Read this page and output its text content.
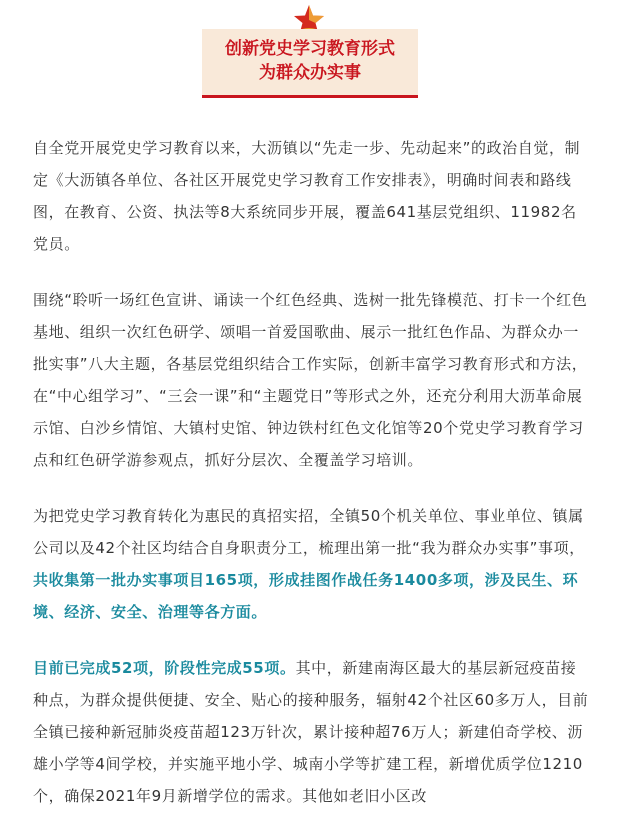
创新党史学习教育形式
为群众办实事

自全党开展党史学习教育以来，大沥镇以“先走一步、先动起来”的政治自觉，制定《大沥镇各单位、各社区开展党史学习教育工作安排表》，明确时间表和路线图，在教育、公资、执法等8大系统同步开展，覆盖641基层党组织、11982名党员。

围绕“聆听一场红色宣讲、诵读一个红色经典、选树一批先锋模范、打卡一个红色基地、组织一次红色研学、颂唱一首爱国歌曲、展示一批红色作品、为群众办一批实事”八大主题，各基层党组织结合工作实际，创新丰富学习教育形式和方法，在“中心组学习”、“三会一课”和“主题党日”等形式之外，还充分利用大沥革命展示馆、白沙乡情馆、大镇村史馆、钟边铁村红色文化馆等20个党史学习教育学习点和红色研学游参观点，抓好分层次、全覆盖学习培训。

为把党史学习教育转化为惠民的真招实招，全镇50个机关单位、事业单位、镇属公司以及42个社区均结合自身职责分工，梳理出第一批“我为群众办实事”事项，共收集第一批办实事项目165项，形成挂图作战任务1400多项，涉及民生、环境、经济、安全、治理等各方面。

目前已完成52项，阶段性完成55项。其中，新建南海区最大的基层新冠疫苗接种点，为群众提供便捷、安全、贴心的接种服务，辐射42个社区60多万人，目前全镇已接种新冠肺炎疫苗超123万针次，累计接种超76万人；新建伯奇学校、沥雄小学等4间学校，并实施平地小学、城南小学等扩建工程，新增优质学位1210个，确保2021年9月新增学位的需求。其他如老旧小区改
